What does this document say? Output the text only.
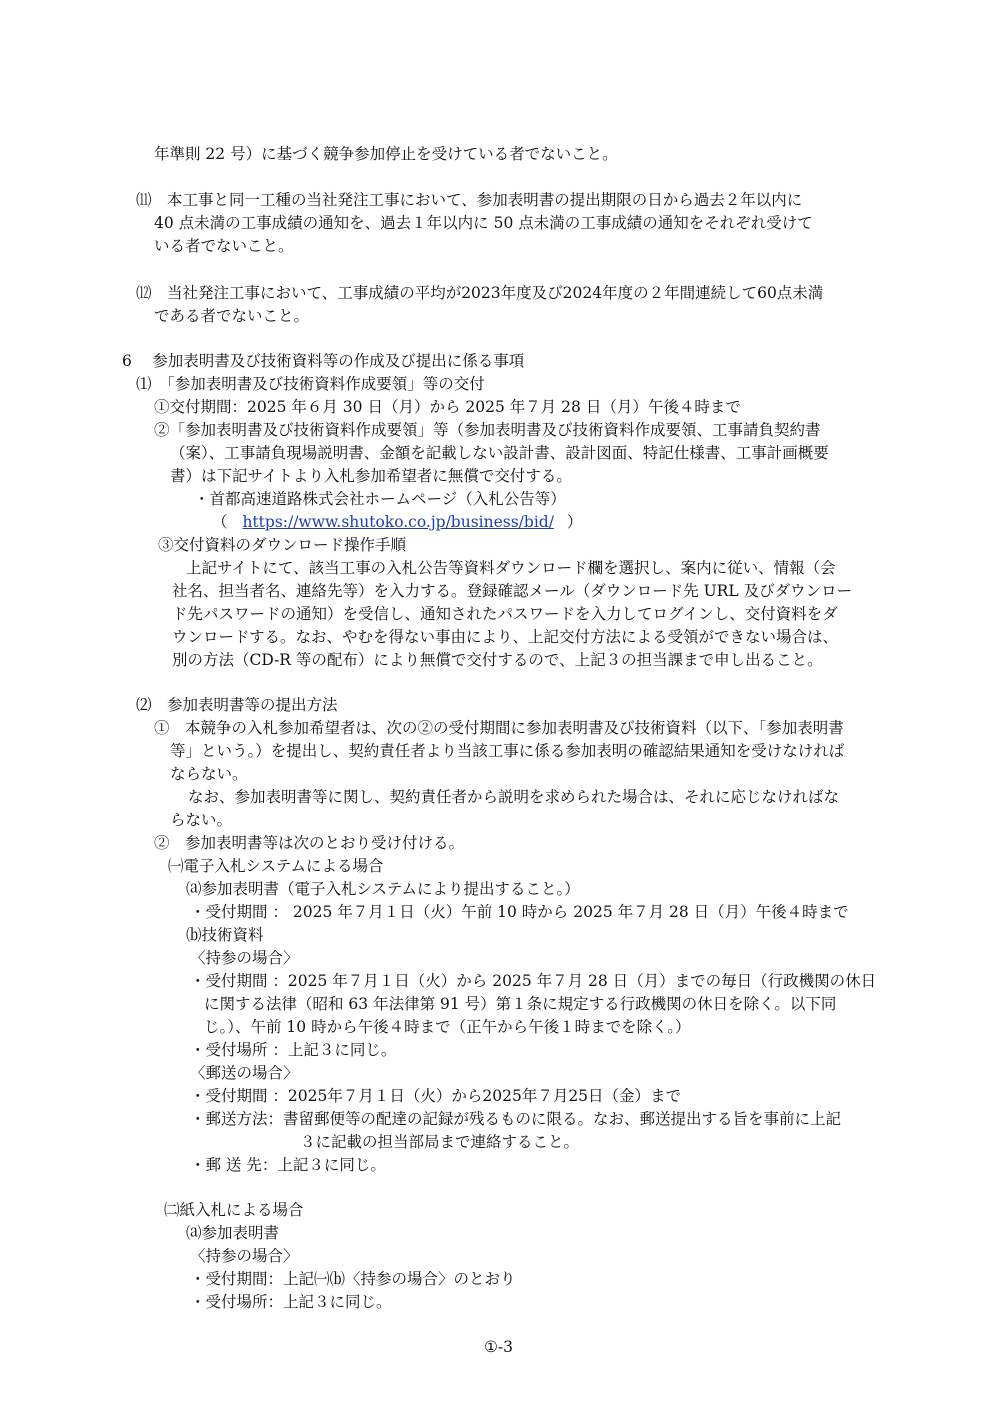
年準則 22 号）に基づく競争参加停止を受けている者でないこと。
⑾　本工事と同一工種の当社発注工事において、参加表明書の提出期限の日から過去２年以内に
40 点未満の工事成績の通知を、過去１年以内に 50 点未満の工事成績の通知をそれぞれ受けて
いる者でないこと。
⑿　当社発注工事において、工事成績の平均が2023年度及び2024年度の２年間連続して60点未満
である者でないこと。
6　 参加表明書及び技術資料等の作成及び提出に係る事項
⑴　「参加表明書及び技術資料作成要領」等の交付
①交付期間：2025 年６月 30 日（月）から 2025 年７月 28 日（月）午後４時まで
②「参加表明書及び技術資料作成要領」等（参加表明書及び技術資料作成要領、工事請負契約書
（案）、工事請負現場説明書、金額を記載しない設計書、設計図面、特記仕様書、工事計画概要
書）は下記サイトより入札参加希望者に無償で交付する。
・首都高速道路株式会社ホームページ（入札公告等）
（ https://www.shutoko.co.jp/business/bid/ ）
③交付資料のダウンロード操作手順
上記サイトにて、該当工事の入札公告等資料ダウンロード欄を選択し、案内に従い、情報（会
社名、担当者名、連絡先等）を入力する。登録確認メール（ダウンロード先 URL 及びダウンロー
ド先パスワードの通知）を受信し、通知されたパスワードを入力してログインし、交付資料をダ
ウンロードする。なお、やむを得ない事由により、上記交付方法による受領ができない場合は、
別の方法（CD-R 等の配布）により無償で交付するので、上記３の担当課まで申し出ること。
⑵　参加表明書等の提出方法
①　本競争の入札参加希望者は、次の②の受付期間に参加表明書及び技術資料（以下、「参加表明書
等」という。）を提出し、契約責任者より当該工事に係る参加表明の確認結果通知を受けなければ
ならない。
なお、参加表明書等に関し、契約責任者から説明を求められた場合は、それに応じなければな
らない。
②　参加表明書等は次のとおり受け付ける。
㈠電子入札システムによる場合
⒜参加表明書（電子入札システムにより提出すること。）
・受付期間 ： 2025 年７月１日（火）午前 10 時から 2025 年７月 28 日（月）午後４時まで
⒝技術資料
〈持参の場合〉
・受付期間 ：2025 年７月１日（火）から 2025 年７月 28 日（月）までの毎日（行政機関の休日
に関する法律（昭和 63 年法律第 91 号）第１条に規定する行政機関の休日を除く。以下同
じ。）、午前 10 時から午後４時まで（正午から午後１時までを除く。）
・受付場所 ：上記３に同じ。
〈郵送の場合〉
・受付期間 ：2025年７月１日（火）から2025年７月25日（金）まで
・郵送方法：書留郵便等の配達の記録が残るものに限る。なお、郵送提出する旨を事前に上記
３に記載の担当部局まで連絡すること。
・郵 送 先：上記３に同じ。
㈡紙入札による場合
⒜参加表明書
〈持参の場合〉
・受付期間：上記㈠⒝〈持参の場合〉のとおり
・受付場所：上記３に同じ。
①-3
